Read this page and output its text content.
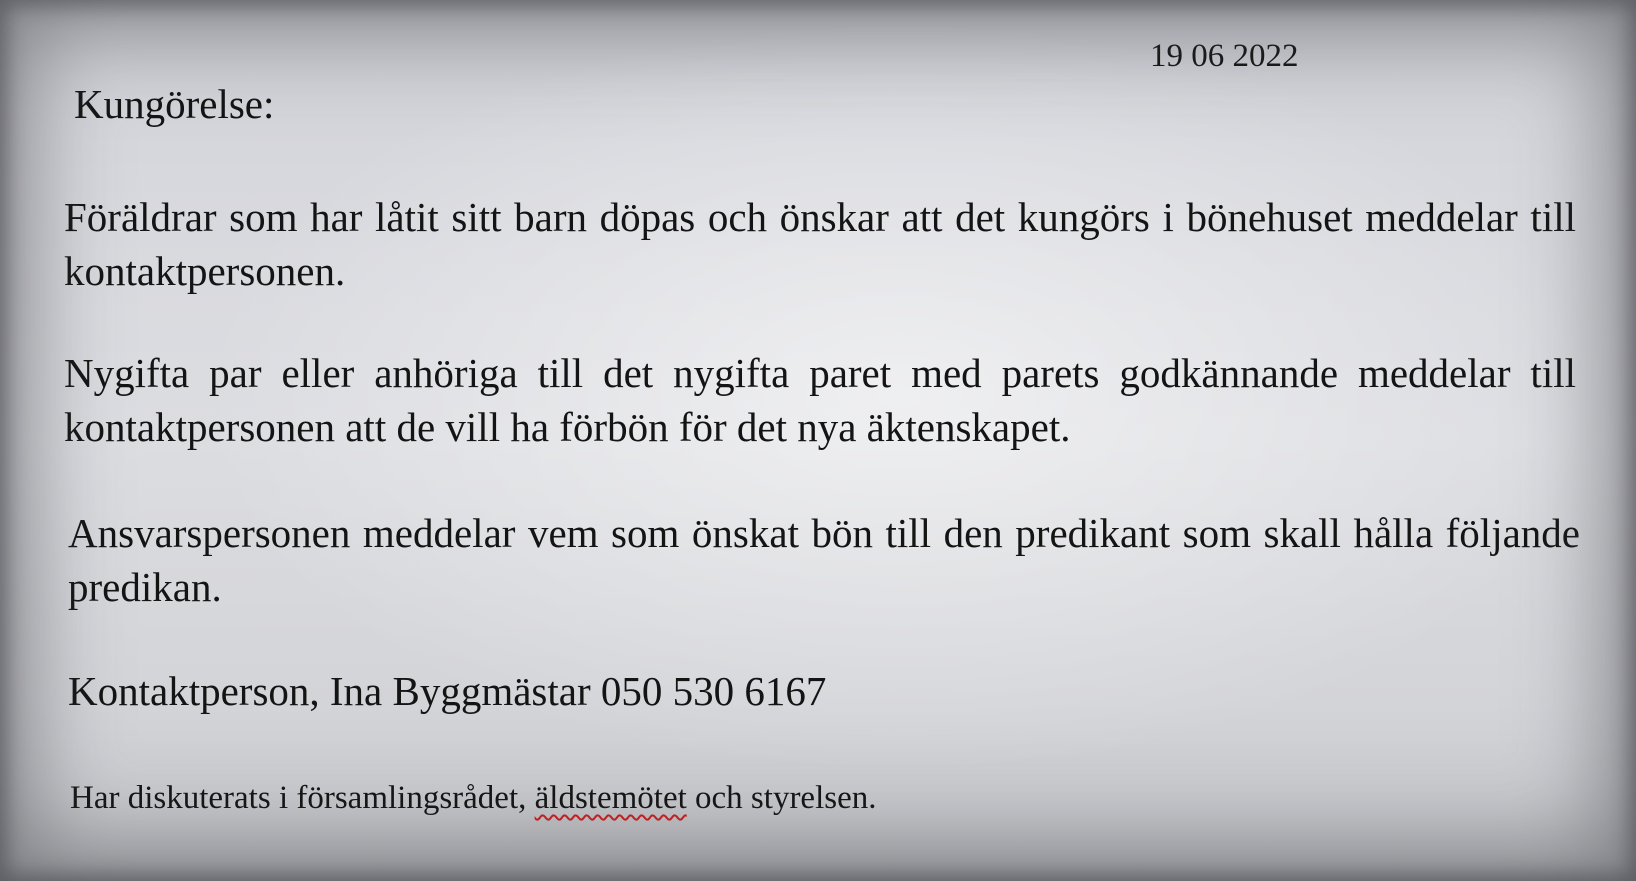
19 06 2022
Kungörelse:

Föräldrar som har låtit sitt barn döpas och önskar att det kungörs i bönehuset meddelar till kontaktpersonen.

Nygifta par eller anhöriga till det nygifta paret med parets godkännande meddelar till kontaktpersonen att de vill ha förbön för det nya äktenskapet.

Ansvarspersonen meddelar vem som önskat bön till den predikant som skall hålla följande predikan.

Kontaktperson, Ina Byggmästar 050 530 6167
Har diskuterats i församlingsrådet, äldstemötet och styrelsen.
